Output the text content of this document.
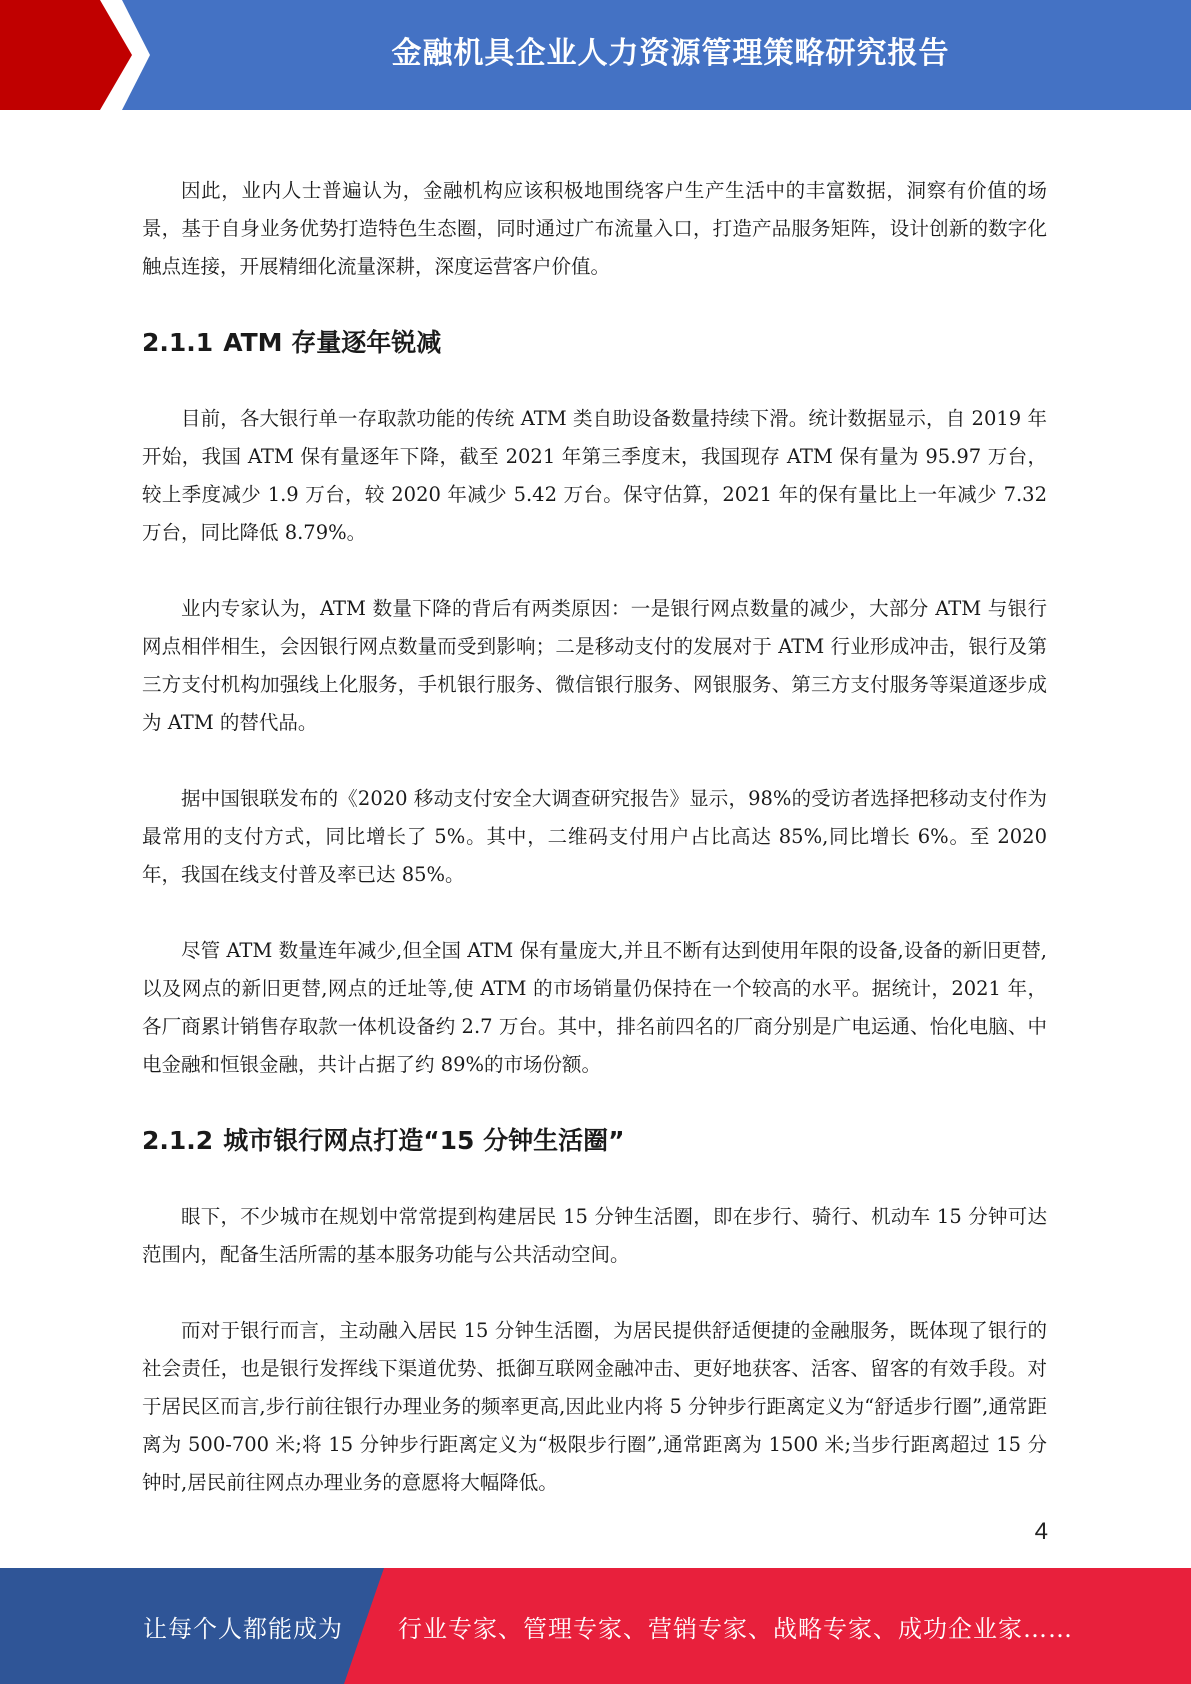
金融机具企业人力资源管理策略研究报告

因此，业内人士普遍认为，金融机构应该积极地围绕客户生产生活中的丰富数据，洞察有价值的场景，基于自身业务优势打造特色生态圈，同时通过广布流量入口，打造产品服务矩阵，设计创新的数字化触点连接，开展精细化流量深耕，深度运营客户价值。

2.1.1 ATM 存量逐年锐减

目前，各大银行单一存取款功能的传统 ATM 类自助设备数量持续下滑。统计数据显示，自 2019 年开始，我国 ATM 保有量逐年下降，截至 2021 年第三季度末，我国现存 ATM 保有量为 95.97 万台，较上季度减少 1.9 万台，较 2020 年减少 5.42 万台。保守估算，2021 年的保有量比上一年减少 7.32 万台，同比降低 8.79%。

业内专家认为，ATM 数量下降的背后有两类原因：一是银行网点数量的减少，大部分 ATM 与银行网点相伴相生，会因银行网点数量而受到影响；二是移动支付的发展对于 ATM 行业形成冲击，银行及第三方支付机构加强线上化服务，手机银行服务、微信银行服务、网银服务、第三方支付服务等渠道逐步成为 ATM 的替代品。

据中国银联发布的《2020 移动支付安全大调查研究报告》显示，98%的受访者选择把移动支付作为最常用的支付方式，同比增长了 5%。其中，二维码支付用户占比高达 85%,同比增长 6%。至 2020 年，我国在线支付普及率已达 85%。

尽管 ATM 数量连年减少,但全国 ATM 保有量庞大,并且不断有达到使用年限的设备,设备的新旧更替,以及网点的新旧更替,网点的迁址等,使 ATM 的市场销量仍保持在一个较高的水平。据统计，2021 年，各厂商累计销售存取款一体机设备约 2.7 万台。其中，排名前四名的厂商分别是广电运通、怡化电脑、中电金融和恒银金融，共计占据了约 89%的市场份额。

2.1.2 城市银行网点打造“15 分钟生活圈”

眼下，不少城市在规划中常常提到构建居民 15 分钟生活圈，即在步行、骑行、机动车 15 分钟可达范围内，配备生活所需的基本服务功能与公共活动空间。

而对于银行而言，主动融入居民 15 分钟生活圈，为居民提供舒适便捷的金融服务，既体现了银行的社会责任，也是银行发挥线下渠道优势、抵御互联网金融冲击、更好地获客、活客、留客的有效手段。对于居民区而言,步行前往银行办理业务的频率更高,因此业内将 5 分钟步行距离定义为“舒适步行圈”,通常距离为 500-700 米;将 15 分钟步行距离定义为“极限步行圈”,通常距离为 1500 米;当步行距离超过 15 分钟时,居民前往网点办理业务的意愿将大幅降低。

4
让每个人都能成为 行业专家、管理专家、营销专家、战略专家、成功企业家……
